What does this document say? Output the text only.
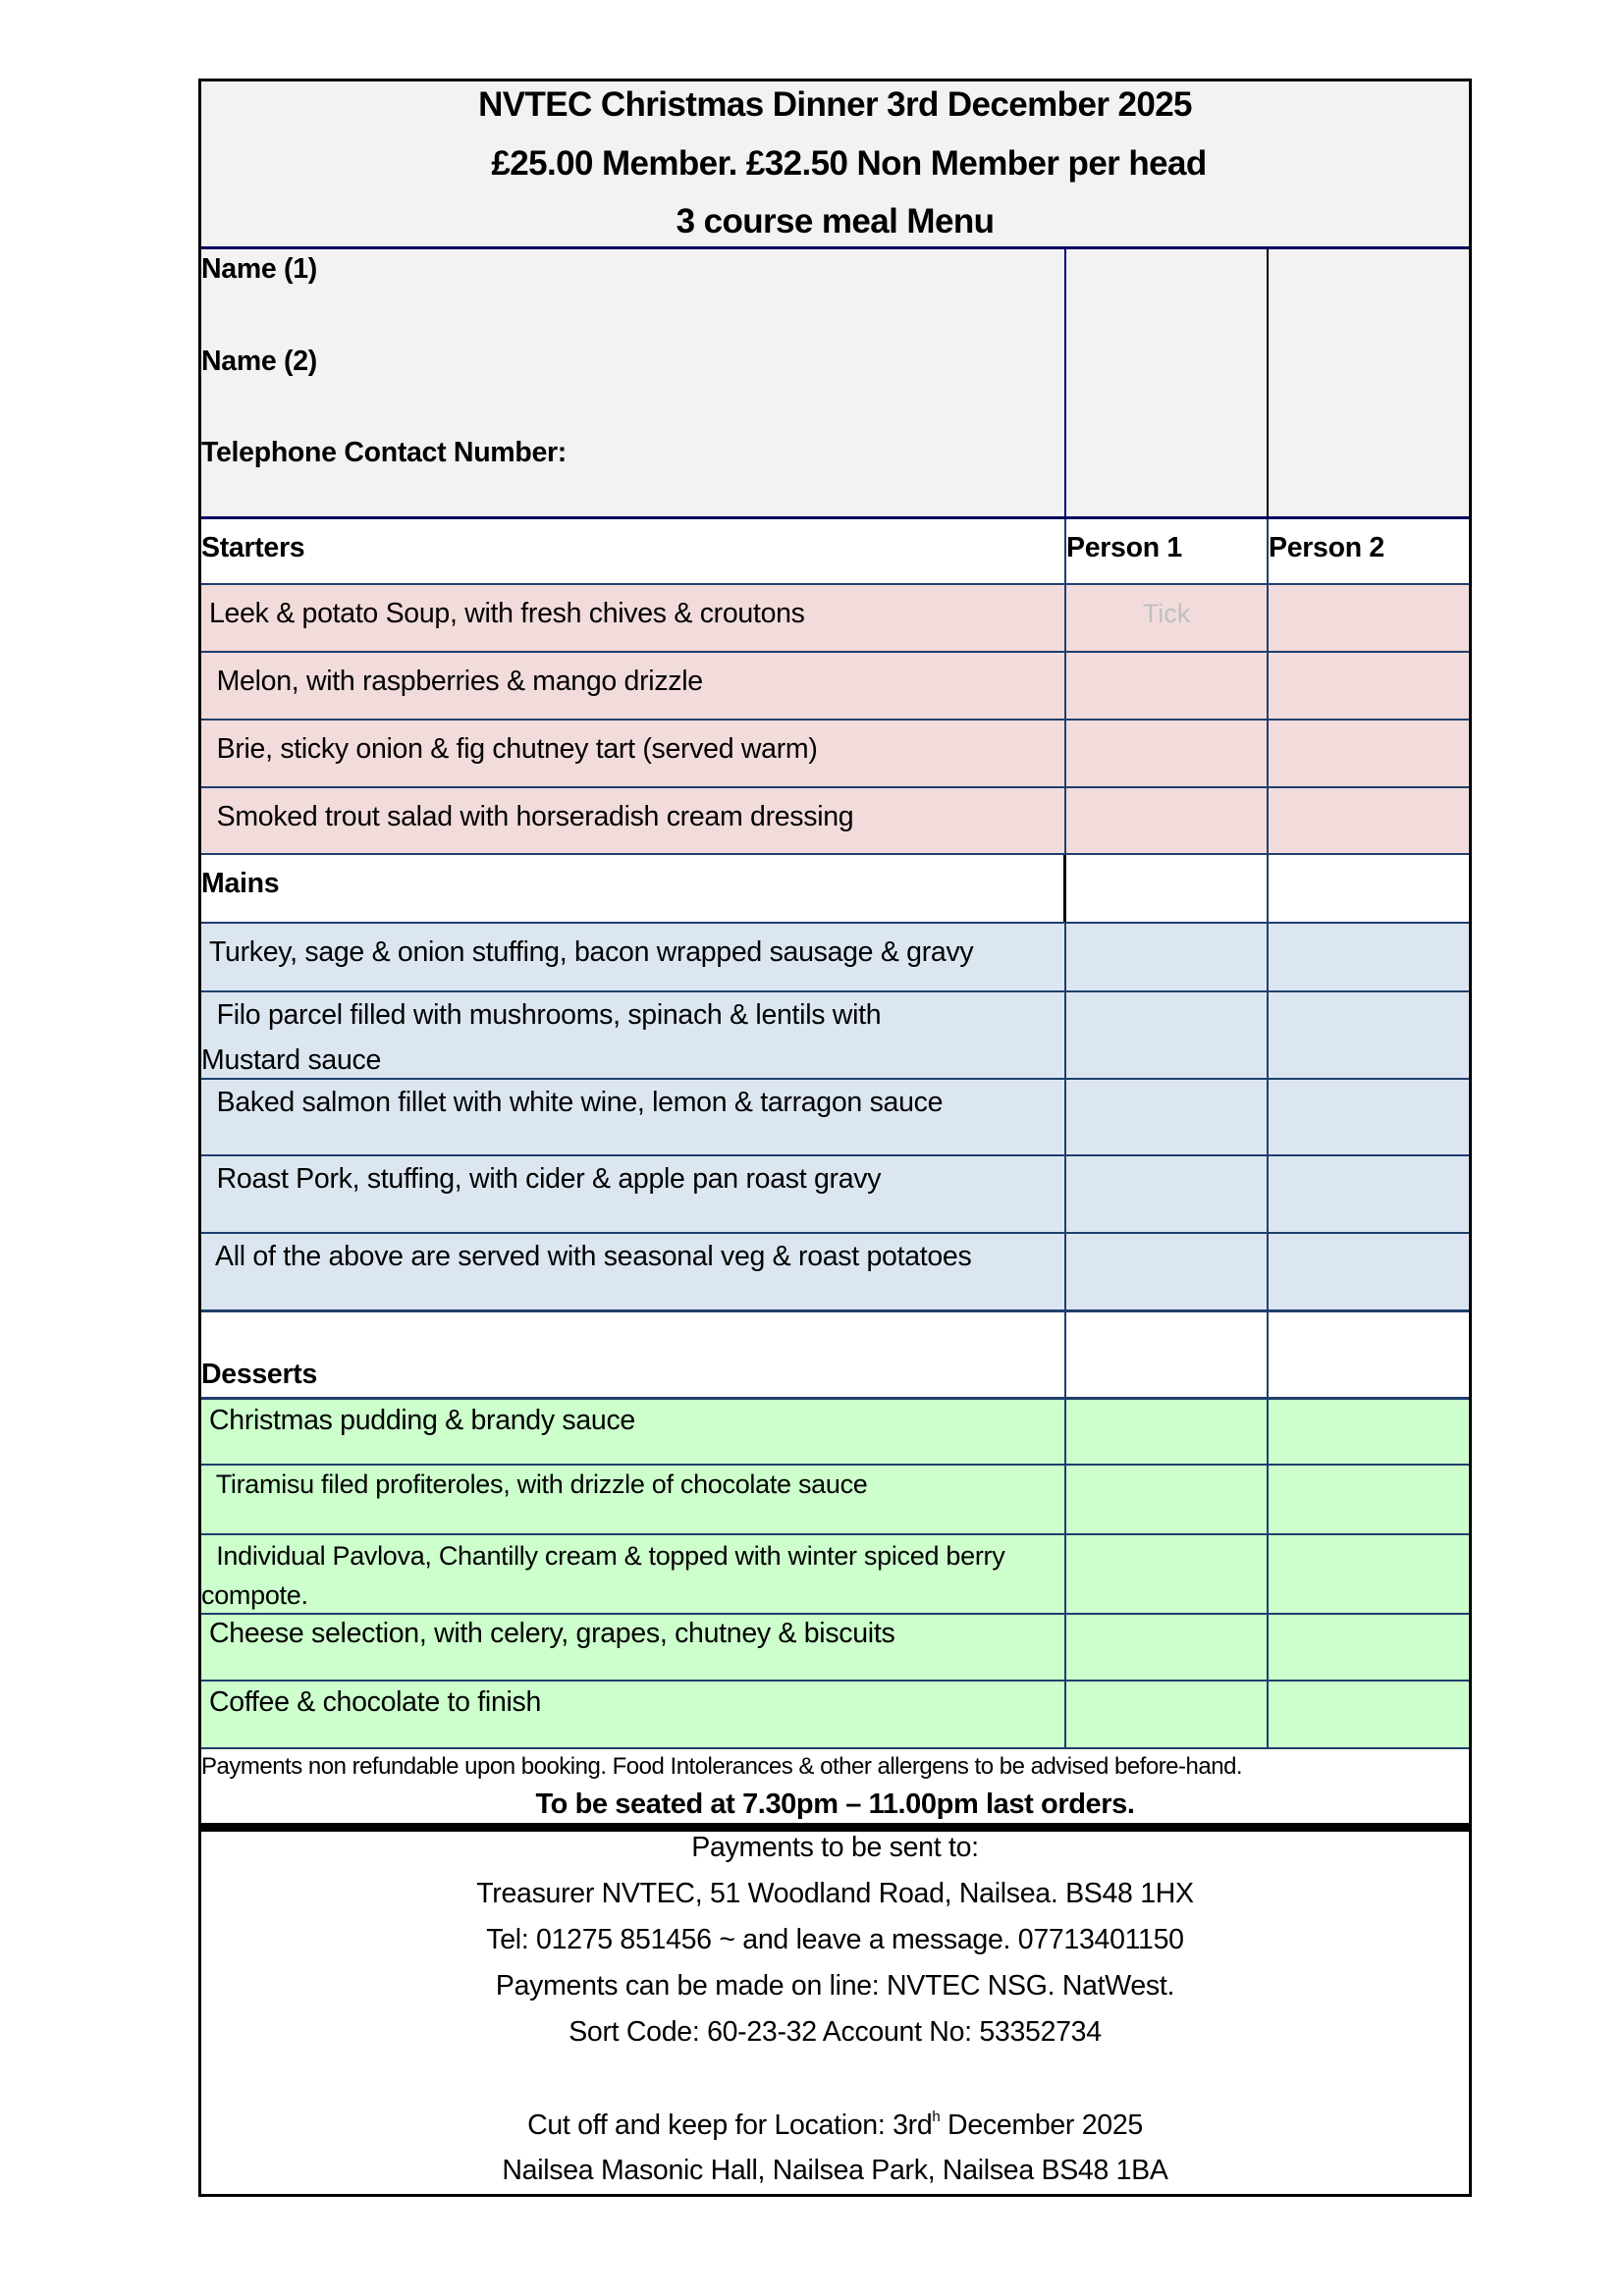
NVTEC Christmas Dinner 3rd December 2025
£25.00 Member. £32.50 Non Member per head
3 course meal Menu
Name (1)
Name (2)
Telephone Contact Number:
Starters	Person 1	Person 2
Leek & potato Soup, with fresh chives & croutons	Tick
Melon, with raspberries & mango drizzle
Brie, sticky onion & fig chutney tart (served warm)
Smoked trout salad with horseradish cream dressing
Mains
Turkey, sage & onion stuffing, bacon wrapped sausage & gravy
Filo parcel filled with mushrooms, spinach & lentils with
Mustard sauce
Baked salmon fillet with white wine, lemon & tarragon sauce
Roast Pork, stuffing, with cider & apple pan roast gravy
All of the above are served with seasonal veg & roast potatoes
Desserts
Christmas pudding & brandy sauce
Tiramisu filed profiteroles, with drizzle of chocolate sauce
Individual Pavlova, Chantilly cream & topped with winter spiced berry
compote.
Cheese selection, with celery, grapes, chutney & biscuits
Coffee & chocolate to finish
Payments non refundable upon booking. Food Intolerances & other allergens to be advised before-hand.
To be seated at 7.30pm – 11.00pm last orders.
Payments to be sent to:
Treasurer NVTEC, 51 Woodland Road, Nailsea. BS48 1HX
Tel: 01275 851456 ~ and leave a message. 07713401150
Payments can be made on line: NVTEC NSG. NatWest.
Sort Code: 60-23-32 Account No: 53352734
Cut off and keep for Location: $3rd^h$ December 2025
Nailsea Masonic Hall, Nailsea Park, Nailsea BS48 1BA
